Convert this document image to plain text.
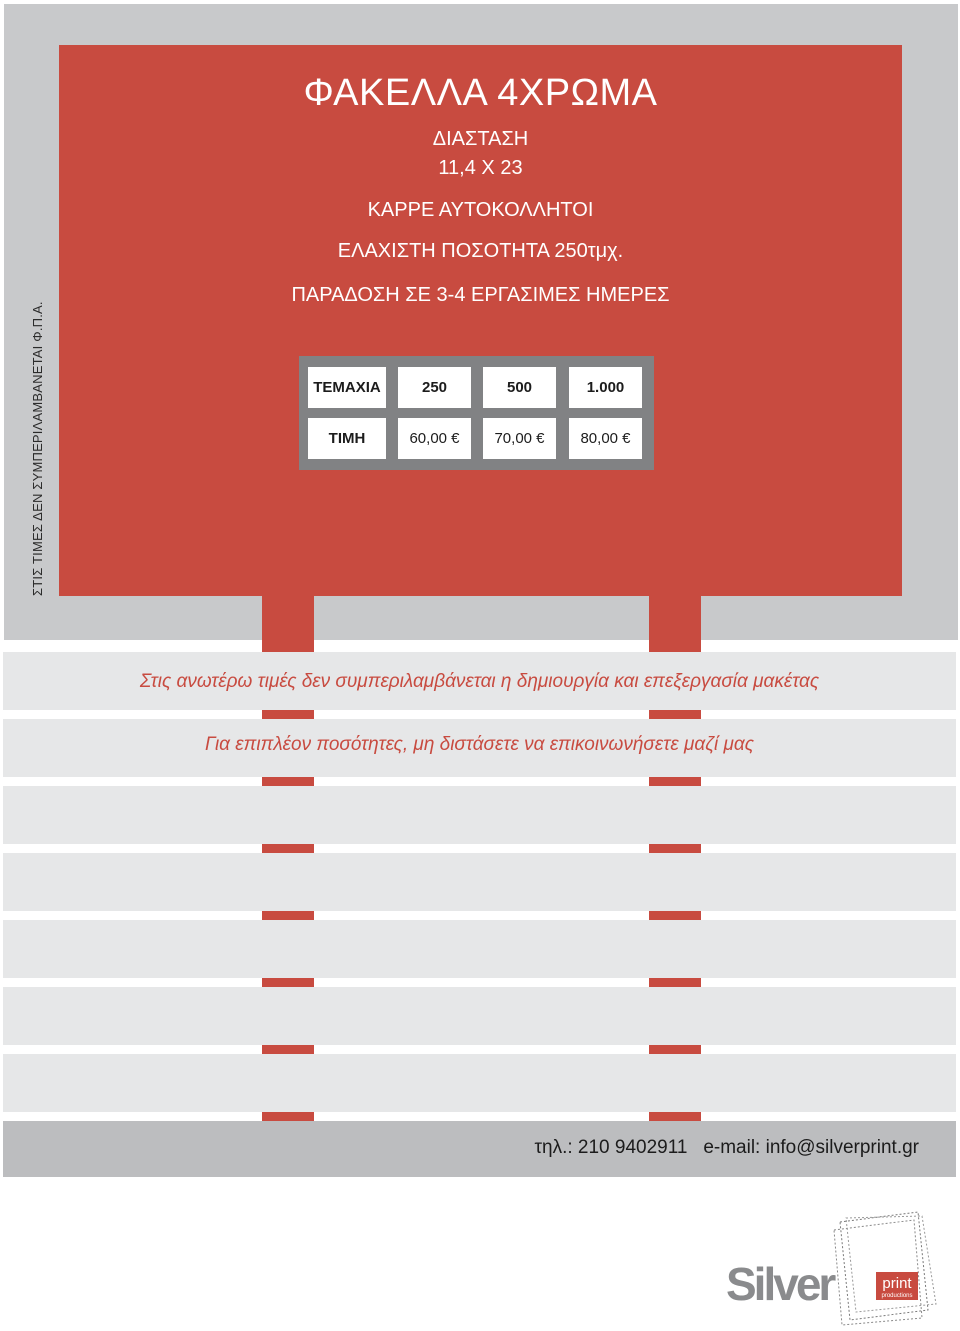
ΣΤΙΣ ΤΙΜΕΣ ΔΕΝ ΣΥΜΠΕΡΙΛΑΜΒΑΝΕΤΑΙ Φ.Π.Α.
ΦΑΚΕΛΛΑ 4ΧΡΩΜΑ
ΔΙΑΣΤΑΣΗ
11,4 Χ 23
ΚΑΡΡΕ ΑΥΤΟΚΟΛΛΗΤΟΙ
ΕΛΑΧΙΣΤΗ ΠΟΣΟΤΗΤΑ 250τμχ.
ΠΑΡΑΔΟΣΗ ΣΕ 3-4 ΕΡΓΑΣΙΜΕΣ ΗΜΕΡΕΣ
ΤΕΜΑΧΙΑ	250	500	1.000
ΤΙΜΗ	60,00 €	70,00 €	80,00 €
Στις ανωτέρω τιμές δεν συμπεριλαμβάνεται η δημιουργία και επεξεργασία μακέτας
Για επιπλέον ποσότητες, μη διστάσετε να επικοινωνήσετε μαζί μας
τηλ.: 210 9402911 e-mail: info@silverprint.gr
Silver	print
productions
